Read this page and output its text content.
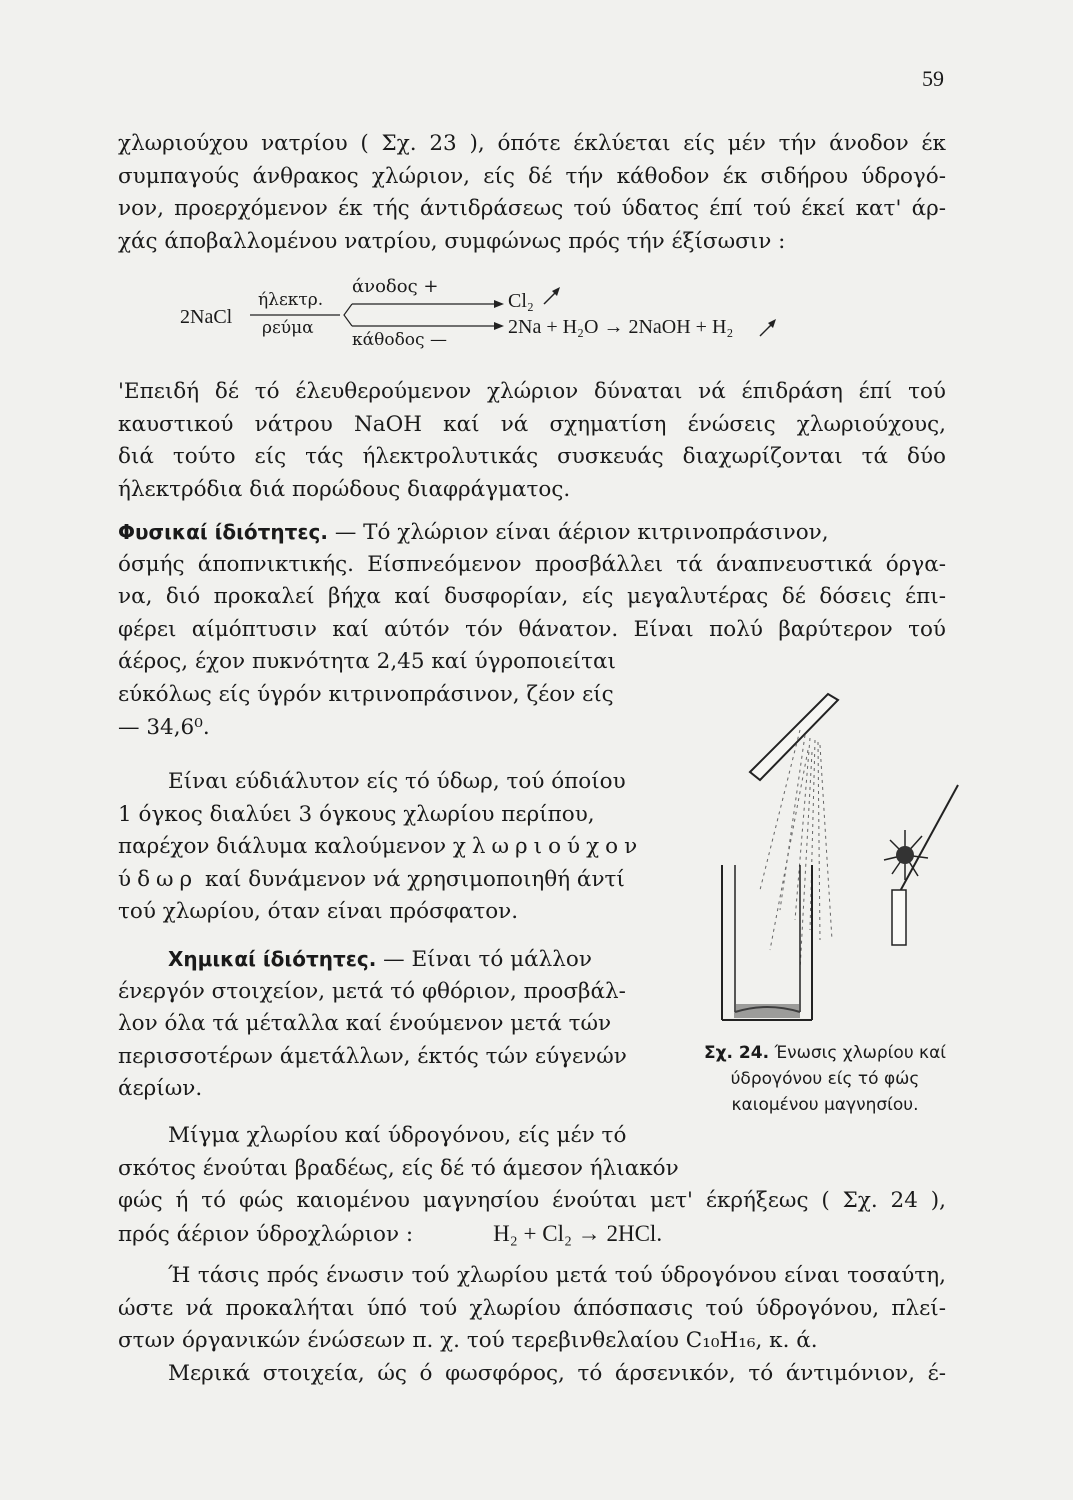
59
χλωριούχου νατρίου ( Σχ. 23 ), όπότε έκλύεται είς μέν τήν άνοδον έκ
συμπαγούς άνθρακος χλώριον, είς δέ τήν κάθοδον έκ σιδήρου ύδρογό-
νον, προερχόμενον έκ τής άντιδράσεως τού ύδατος έπί τού έκεί κατ' άρ-
χάς άποβαλλομένου νατρίου, συμφώνως πρός τήν έξίσωσιν :
2NaCl
ήλεκτρ.
ρεύμα
άνοδος +
κάθοδος —
Cl₂
2Na + H₂O → 2NaOH + H₂
'Επειδή δέ τό έλευθερούμενον χλώριον δύναται νά έπιδράση έπί τού
καυστικού νάτρου NaOH καί νά σχηματίση ένώσεις χλωριούχους,
διά τούτο είς τάς ήλεκτρολυτικάς συσκευάς διαχωρίζονται τά δύο
ήλεκτρόδια διά πορώδους διαφράγματος.
Φυσικαί ίδιότητες. — Τό χλώριον είναι άέριον κιτρινοπράσινον,
όσμής άποπνικτικής. Είσπνεόμενον προσβάλλει τά άναπνευστικά όργα-
να, διό προκαλεί βήχα καί δυσφορίαν, είς μεγαλυτέρας δέ δόσεις έπι-
φέρει αίμόπτυσιν καί αύτόν τόν θάνατον. Είναι πολύ βαρύτερον τού
άέρος, έχον πυκνότητα 2,45 καί ύγροποιείται
εύκόλως είς ύγρόν κιτρινοπράσινον, ζέον είς
— 34,6⁰.
Είναι εύδιάλυτον είς τό ύδωρ, τού όποίου
1 όγκος διαλύει 3 όγκους χλωρίου περίπου,
παρέχον διάλυμα καλούμενον χλωριούχον
ύδωρ καί δυνάμενον νά χρησιμοποιηθή άντί
τού χλωρίου, όταν είναι πρόσφατον.
Χημικαί ίδιότητες. — Είναι τό μάλλον
ένεργόν στοιχείον, μετά τό φθόριον, προσβάλ-
λον όλα τά μέταλλα καί ένούμενον μετά τών
περισσοτέρων άμετάλλων, έκτός τών εύγενών
άερίων.
Μίγμα χλωρίου καί ύδρογόνου, είς μέν τό
σκότος ένούται βραδέως, είς δέ τό άμεσον ήλιακόν
φώς ή τό φώς καιομένου μαγνησίου ένούται μετ' έκρήξεως ( Σχ. 24 ),
πρός άέριον ύδροχλώριον :	H₂ + Cl₂ → 2HCl.
Ή τάσις πρός ένωσιν τού χλωρίου μετά τού ύδρογόνου είναι τοσαύτη,
ώστε νά προκαλήται ύπό τού χλωρίου άπόσπασις τού ύδρογόνου, πλεί-
στων όργανικών ένώσεων π. χ. τού τερεβινθελαίου C₁₀H₁₆, κ. ά.
Μερικά στοιχεία, ώς ό φωσφόρος, τό άρσενικόν, τό άντιμόνιον, έ-
Σχ. 24. Ένωσις χλωρίου καί ύδρογόνου είς τό φώς καιομένου μαγνησίου.
